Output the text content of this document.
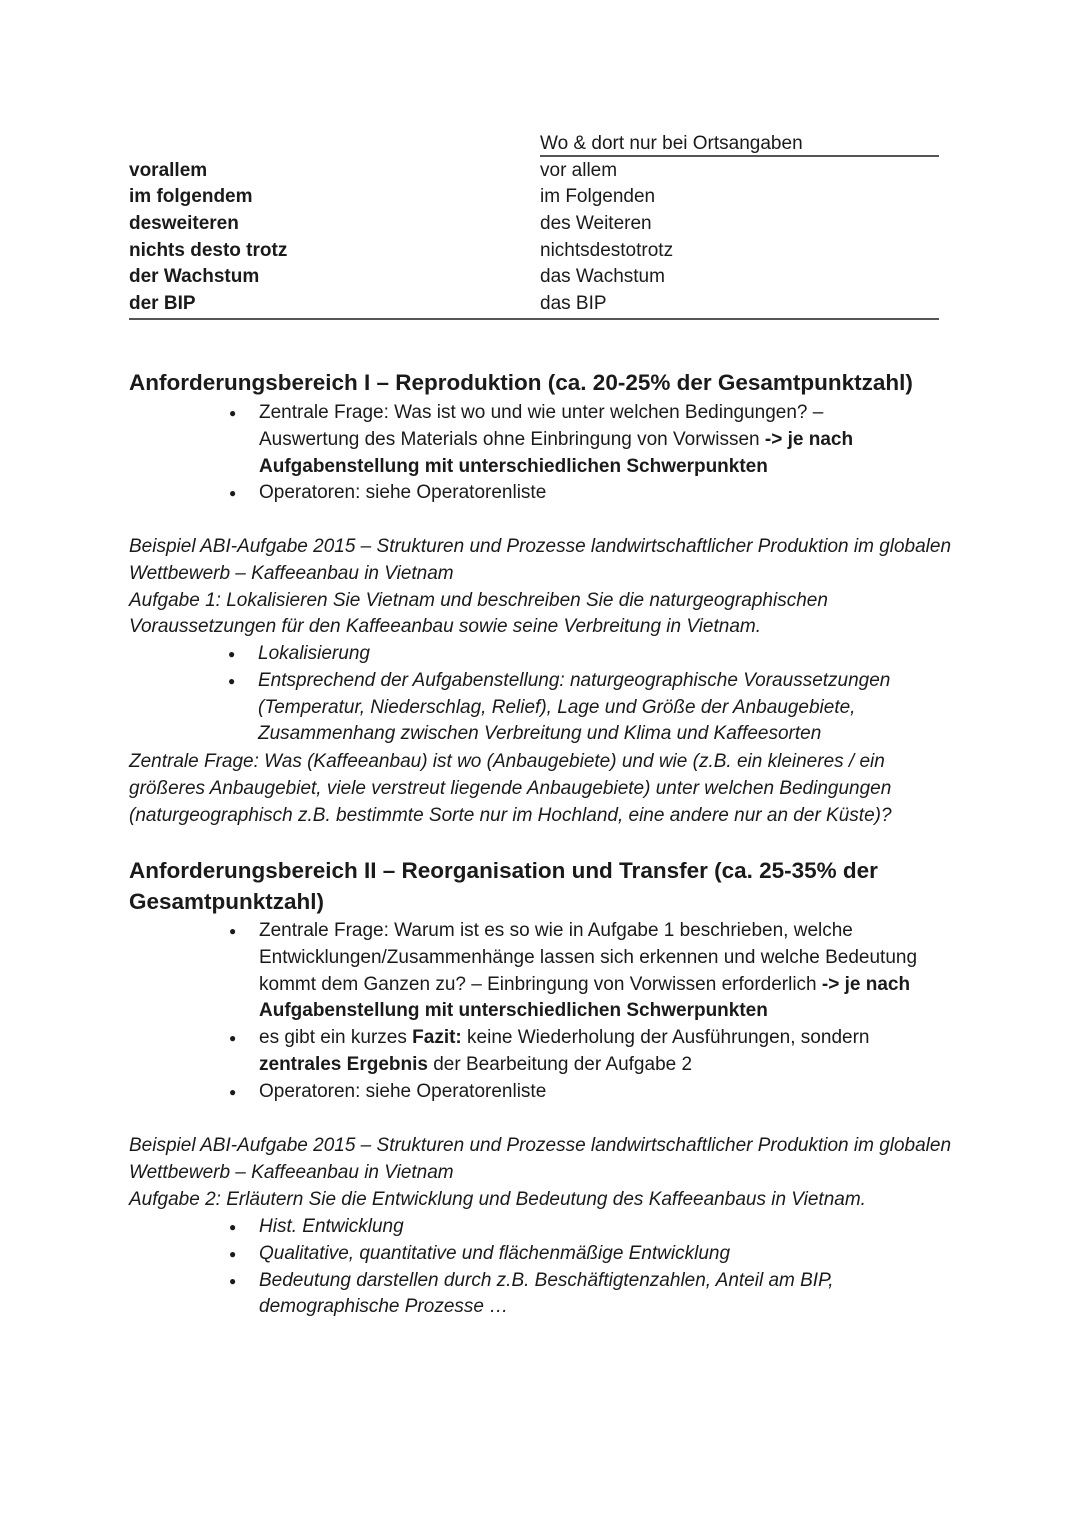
Wo & dort nur bei Ortsangaben
vorallem	vor allem
im folgendem	im Folgenden
desweiteren	des Weiteren
nichts desto trotz	nichtsdestotrotz
der Wachstum	das Wachstum
der BIP	das BIP
Anforderungsbereich I – Reproduktion (ca. 20-25% der Gesamtpunktzahl)
● Zentrale Frage: Was ist wo und wie unter welchen Bedingungen? – Auswertung des Materials ohne Einbringung von Vorwissen -> je nach Aufgabenstellung mit unterschiedlichen Schwerpunkten
● Operatoren: siehe Operatorenliste

Beispiel ABI-Aufgabe 2015 – Strukturen und Prozesse landwirtschaftlicher Produktion im globalen Wettbewerb – Kaffeeanbau in Vietnam

Aufgabe 1: Lokalisieren Sie Vietnam und beschreiben Sie die naturgeographischen Voraussetzungen für den Kaffeeanbau sowie seine Verbreitung in Vietnam.

● Lokalisierung
● Entsprechend der Aufgabenstellung: naturgeographische Voraussetzungen (Temperatur, Niederschlag, Relief), Lage und Größe der Anbaugebiete, Zusammenhang zwischen Verbreitung und Klima und Kaffeesorten

Zentrale Frage: Was (Kaffeeanbau) ist wo (Anbaugebiete) und wie (z.B. ein kleineres / ein größeres Anbaugebiet, viele verstreut liegende Anbaugebiete) unter welchen Bedingungen (naturgeographisch z.B. bestimmte Sorte nur im Hochland, eine andere nur an der Küste)?

Anforderungsbereich II – Reorganisation und Transfer (ca. 25-35% der Gesamtpunktzahl)
● Zentrale Frage: Warum ist es so wie in Aufgabe 1 beschrieben, welche Entwicklungen/Zusammenhänge lassen sich erkennen und welche Bedeutung kommt dem Ganzen zu? – Einbringung von Vorwissen erforderlich -> je nach Aufgabenstellung mit unterschiedlichen Schwerpunkten
● es gibt ein kurzes Fazit: keine Wiederholung der Ausführungen, sondern zentrales Ergebnis der Bearbeitung der Aufgabe 2
● Operatoren: siehe Operatorenliste

Beispiel ABI-Aufgabe 2015 – Strukturen und Prozesse landwirtschaftlicher Produktion im globalen Wettbewerb – Kaffeeanbau in Vietnam

Aufgabe 2: Erläutern Sie die Entwicklung und Bedeutung des Kaffeeanbaus in Vietnam.

● Hist. Entwicklung
● Qualitative, quantitative und flächenmäßige Entwicklung
● Bedeutung darstellen durch z.B. Beschäftigtenzahlen, Anteil am BIP, demographische Prozesse …
